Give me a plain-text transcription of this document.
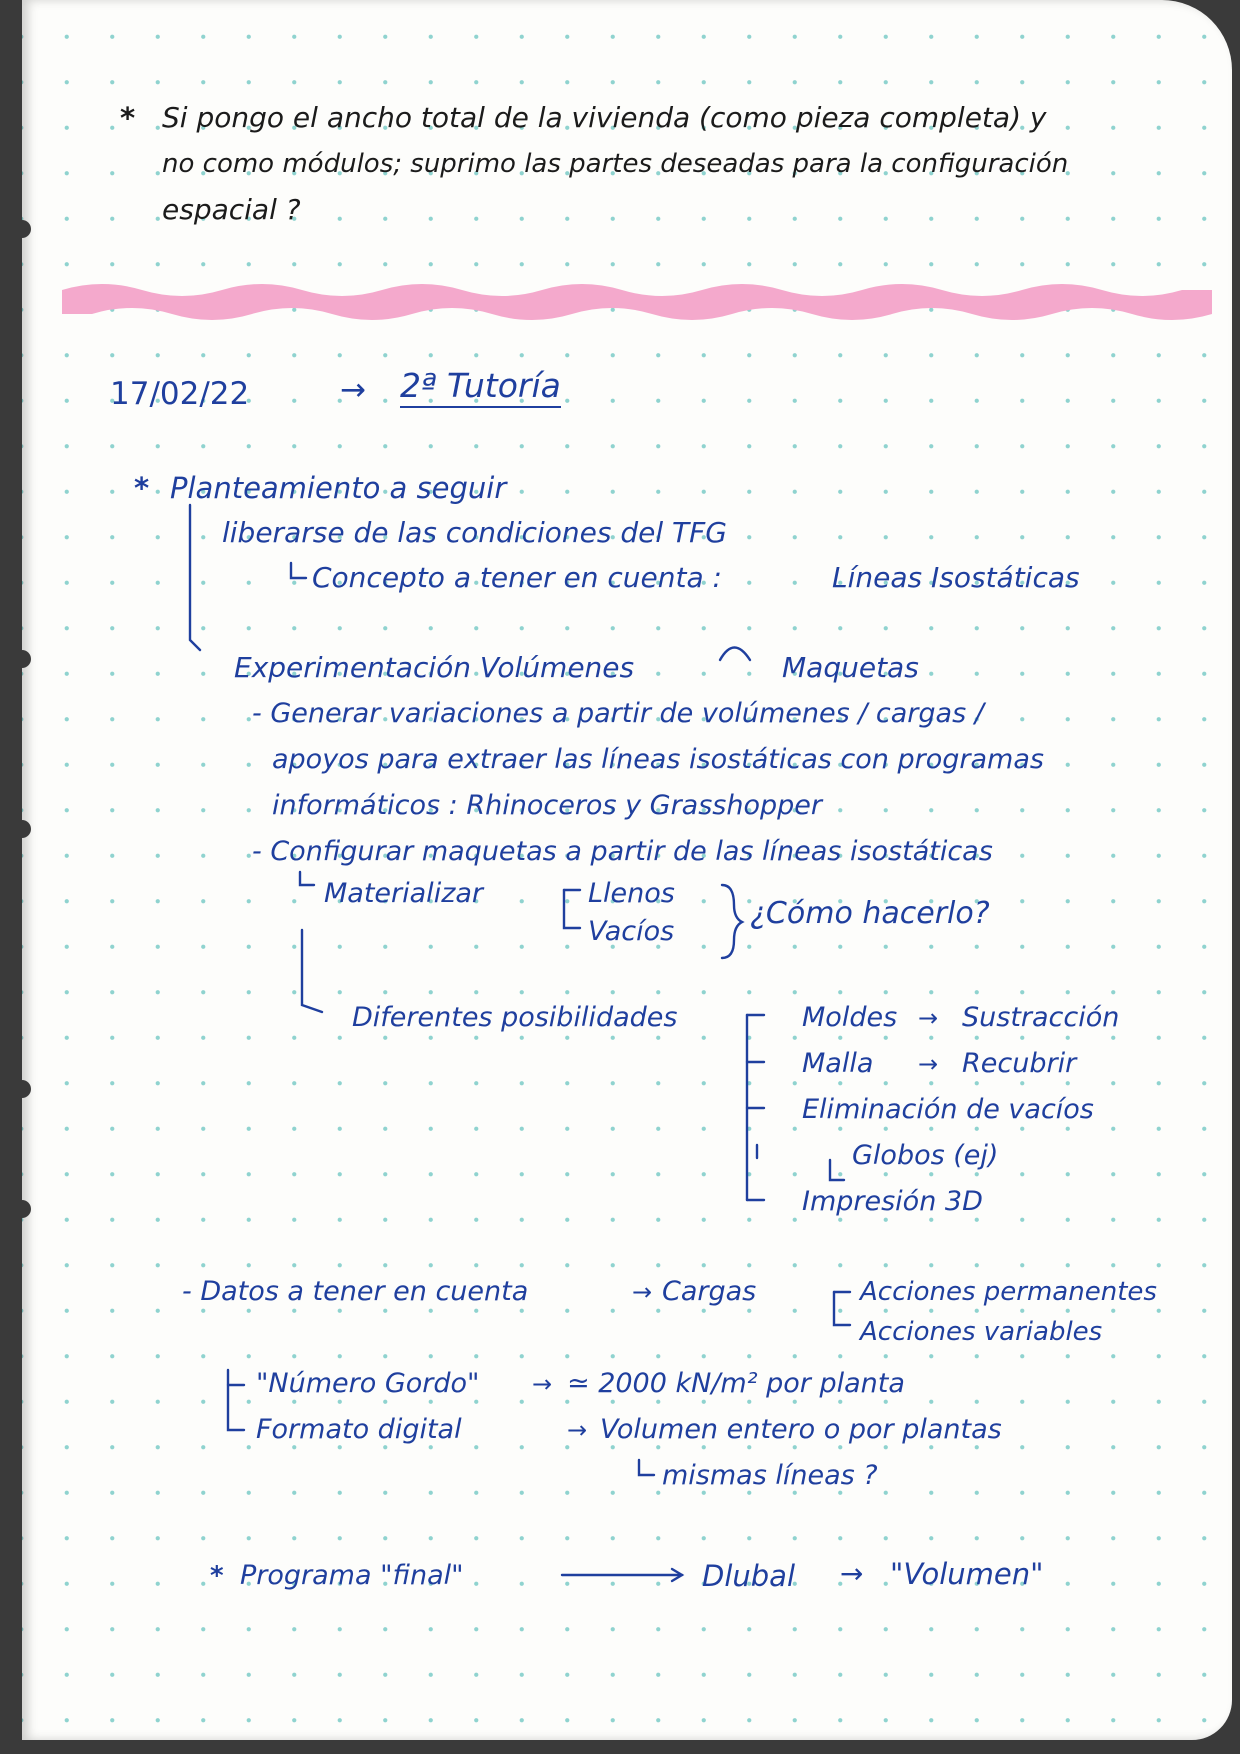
* Si pongo el ancho total de la vivienda (como pieza completa) y

no como módulos; suprimo las partes deseadas para la configuración

espacial ?

17/02/22	→ 2ª Tutoría

* Planteamiento a seguir

liberarse de las condiciones del TFG

Concepto a tener en cuenta :	Líneas Isostáticas

Experimentación Volúmenes	Maquetas

- Generar variaciones a partir de volúmenes / cargas /

apoyos para extraer las líneas isostáticas con programas

informáticos : Rhinoceros y Grasshopper

- Configurar maquetas a partir de las líneas isostáticas

Materializar	Llenos

Vacíos

¿Cómo hacerlo?

Diferentes posibilidades	Moldes Sustracción

Malla	Recubrir

Eliminación de vacíos

Globos (ej)

Impresión 3D

- Datos a tener en cuenta	Cargas	Acciones permanentes

Acciones variables

"Número Gordo"	≃ 2000 kN/m² por planta

Formato digital	Volumen entero o por plantas

mismas líneas ?

* Programa "final"	Dlubal → "Volumen"

→

→

→

→

→
